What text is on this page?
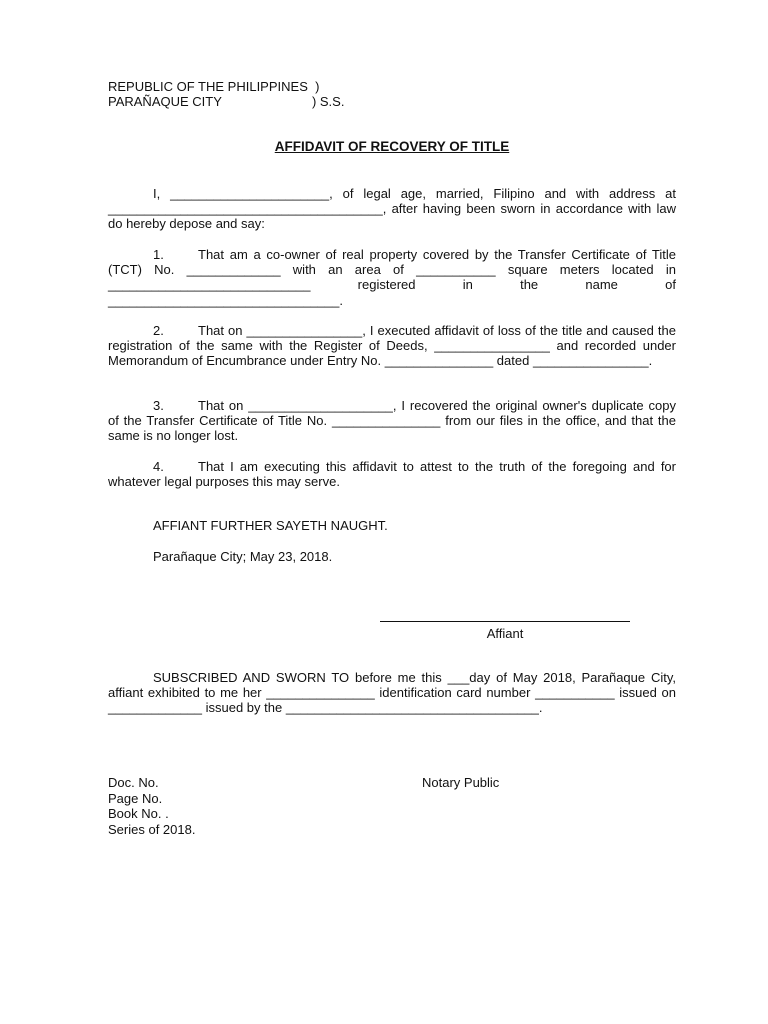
REPUBLIC OF THE PHILIPPINES  )
PARAÑAQUE CITY                         ) S.S.
AFFIDAVIT OF RECOVERY OF TITLE
I, ______________________, of legal age, married, Filipino and with address at ______________________________________, after having been sworn in accordance with law do hereby depose and say:
1.	That am a co-owner of real property covered by the Transfer Certificate of Title (TCT) No. _____________ with an area of ___________ square meters located in ____________________________ registered in the name of ________________________________.
2.	That on ________________, I executed affidavit of loss of the title and caused the registration of the same with the Register of Deeds, ________________ and recorded under Memorandum of Encumbrance under Entry No. _______________ dated ________________.
3.	That on ____________________, I recovered the original owner's duplicate copy of the Transfer Certificate of Title No. _______________ from our files in the office, and that the same is no longer lost.
4.	That I am executing this affidavit to attest to the truth of the foregoing and for whatever legal purposes this may serve.
AFFIANT FURTHER SAYETH NAUGHT.
Parañaque City; May 23, 2018.
Affiant
SUBSCRIBED AND SWORN TO before me this ___day of May 2018, Parañaque City, affiant exhibited to me her _______________ identification card number ___________ issued on _____________ issued by the ___________________________________.
Doc. No.
Page No.
Book No. .
Series of 2018.
Notary Public
